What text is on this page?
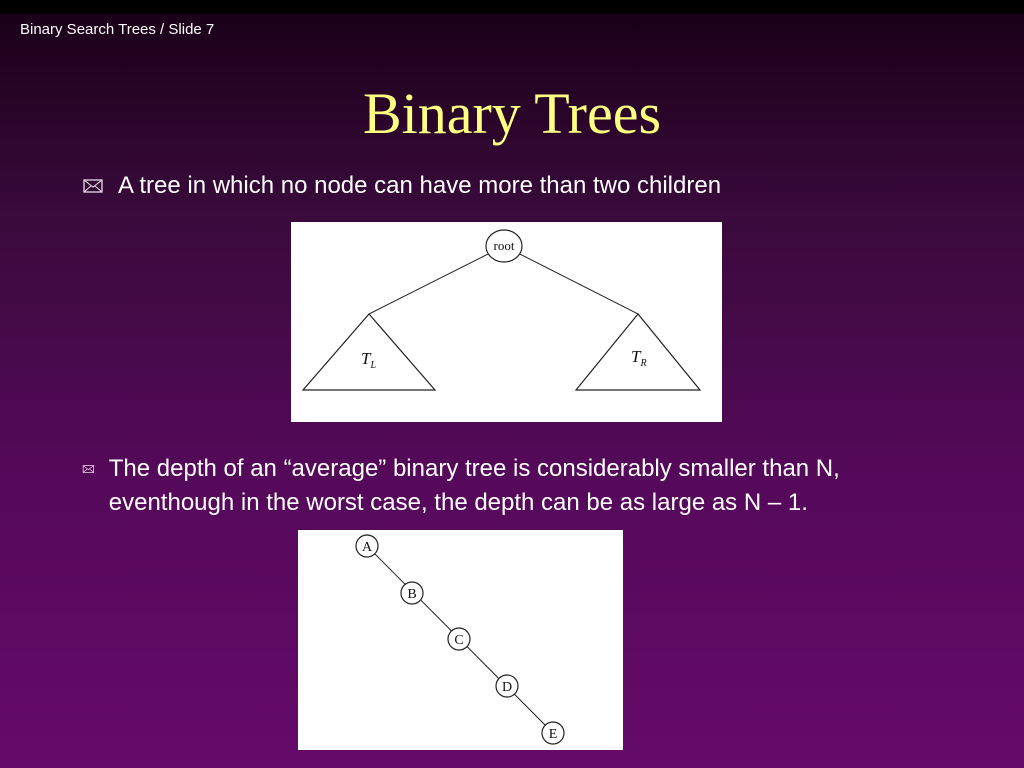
Binary Search Trees / Slide 7
Binary Trees
A tree in which no node can have more than two children
root
$T_L$	$T_R$
The depth of an “average” binary tree is considerably smaller than N, eventhough in the worst case, the depth can be as large as N – 1.
A
B
C
D
E
